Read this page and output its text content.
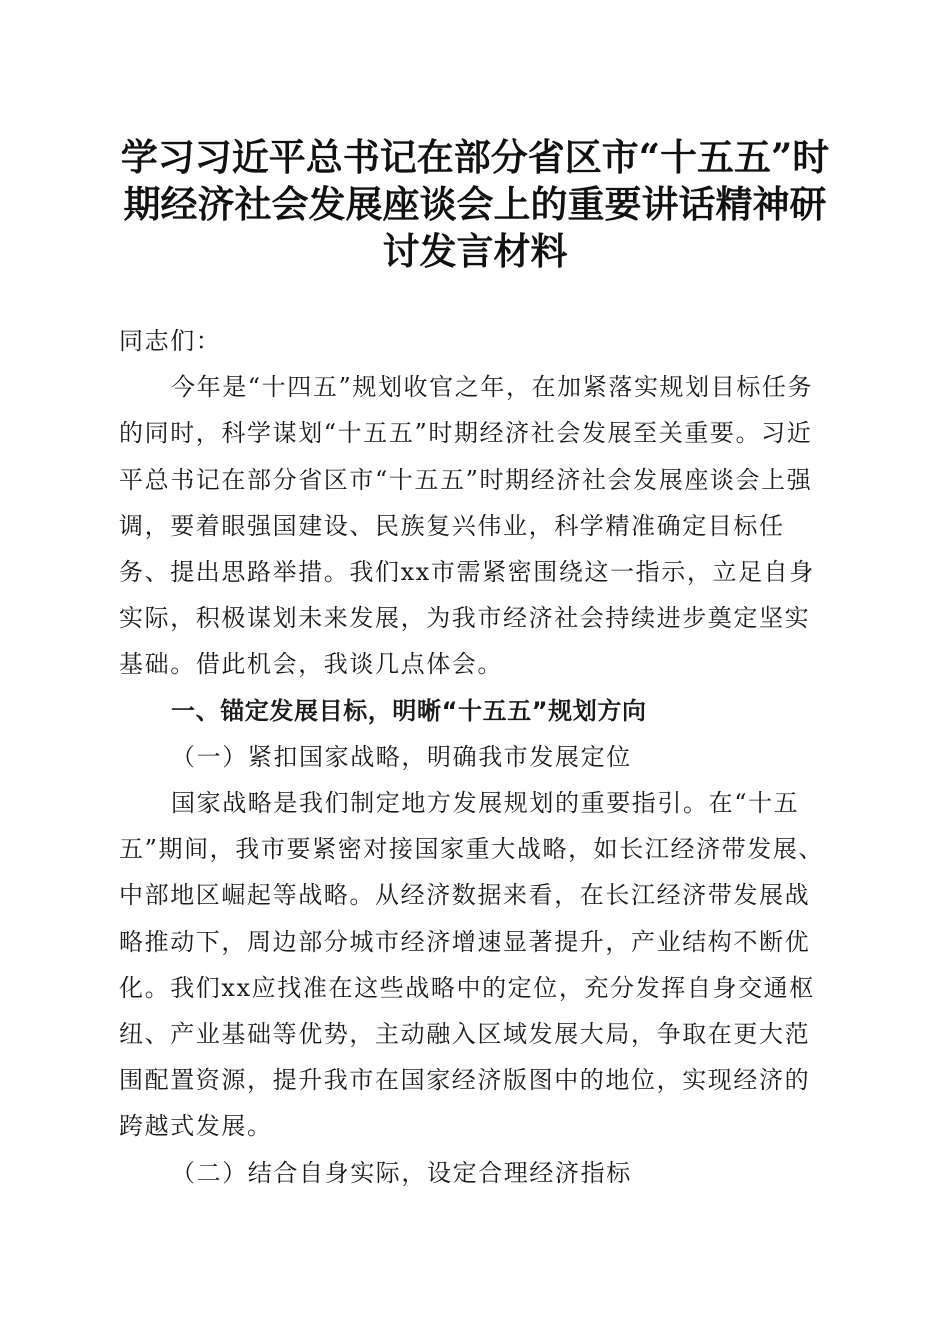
学习习近平总书记在部分省区市“十五五”时期经济社会发展座谈会上的重要讲话精神研讨发言材料

同志们：

今年是“十四五”规划收官之年，在加紧落实规划目标任务的同时，科学谋划“十五五”时期经济社会发展至关重要。习近平总书记在部分省区市“十五五”时期经济社会发展座谈会上强调，要着眼强国建设、民族复兴伟业，科学精准确定目标任务、提出思路举措。我们xx市需紧密围绕这一指示，立足自身实际，积极谋划未来发展，为我市经济社会持续进步奠定坚实基础。借此机会，我谈几点体会。

一、锚定发展目标，明晰“十五五”规划方向

（一）紧扣国家战略，明确我市发展定位

国家战略是我们制定地方发展规划的重要指引。在“十五五”期间，我市要紧密对接国家重大战略，如长江经济带发展、中部地区崛起等战略。从经济数据来看，在长江经济带发展战略推动下，周边部分城市经济增速显著提升，产业结构不断优化。我们xx应找准在这些战略中的定位，充分发挥自身交通枢纽、产业基础等优势，主动融入区域发展大局，争取在更大范围配置资源，提升我市在国家经济版图中的地位，实现经济的跨越式发展。

（二）结合自身实际，设定合理经济指标
